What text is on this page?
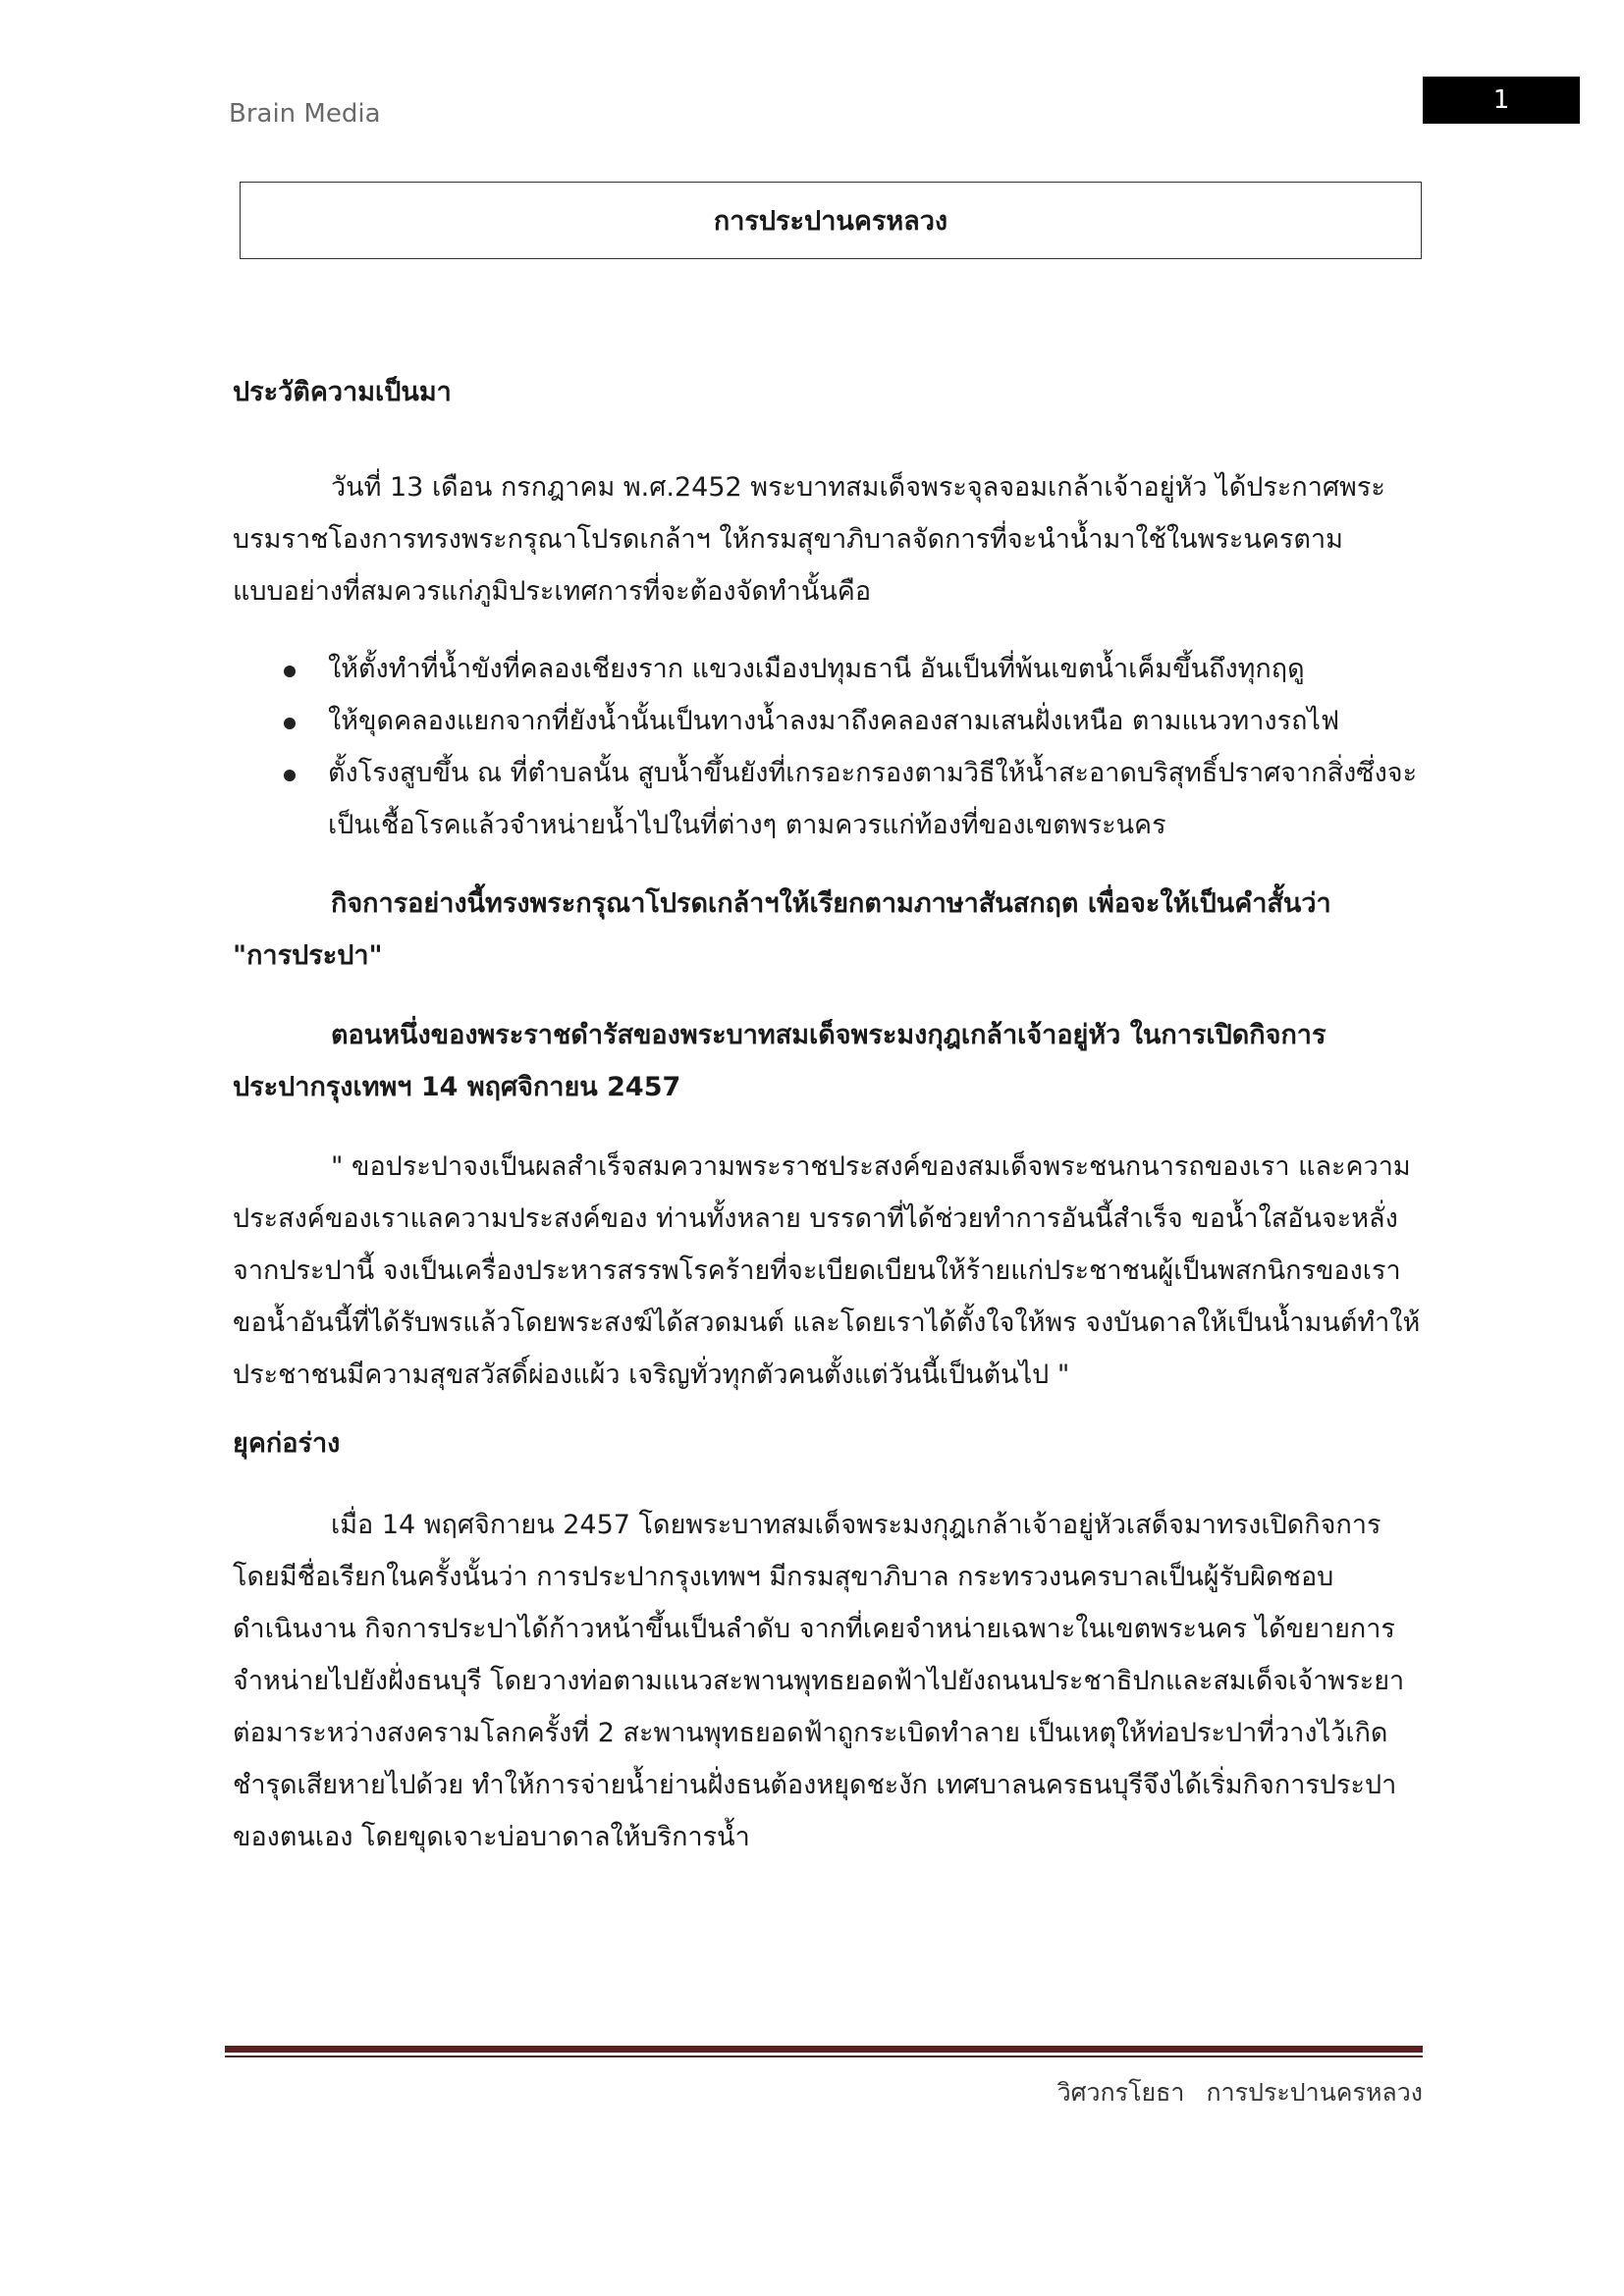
Brain Media	1
การประปานครหลวง

ประวัติความเป็นมา

วันที่ 13 เดือน กรกฎาคม พ.ศ.2452 พระบาทสมเด็จพระจุลจอมเกล้าเจ้าอยู่หัว ได้ประกาศพระ
บรมราชโองการทรงพระกรุณาโปรดเกล้าฯ ให้กรมสุขาภิบาลจัดการที่จะนำน้ำมาใช้ในพระนครตาม
แบบอย่างที่สมควรแก่ภูมิประเทศการที่จะต้องจัดทำนั้นคือ

ให้ตั้งทำที่น้ำขังที่คลองเชียงราก แขวงเมืองปทุมธานี อันเป็นที่พ้นเขตน้ำเค็มขึ้นถึงทุกฤดู
ให้ขุดคลองแยกจากที่ยังน้ำนั้นเป็นทางน้ำลงมาถึงคลองสามเสนฝั่งเหนือ ตามแนวทางรถไฟ
ตั้งโรงสูบขึ้น ณ ที่ตำบลนั้น สูบน้ำขึ้นยังที่เกรอะกรองตามวิธีให้น้ำสะอาดบริสุทธิ์ปราศจากสิ่งซึ่งจะ
เป็นเชื้อโรคแล้วจำหน่ายน้ำไปในที่ต่างๆ ตามควรแก่ท้องที่ของเขตพระนคร

กิจการอย่างนี้ทรงพระกรุณาโปรดเกล้าฯให้เรียกตามภาษาสันสกฤต เพื่อจะให้เป็นคำสั้นว่า
"การประปา"

ตอนหนึ่งของพระราชดำรัสของพระบาทสมเด็จพระมงกุฎเกล้าเจ้าอยู่หัว ในการเปิดกิจการ
ประปากรุงเทพฯ 14 พฤศจิกายน 2457

" ขอประปาจงเป็นผลสำเร็จสมความพระราชประสงค์ของสมเด็จพระชนกนารถของเรา และความ
ประสงค์ของเราแลความประสงค์ของ ท่านทั้งหลาย บรรดาที่ได้ช่วยทำการอันนี้สำเร็จ ขอน้ำใสอันจะหลั่ง
จากประปานี้ จงเป็นเครื่องประหารสรรพโรคร้ายที่จะเบียดเบียนให้ร้ายแก่ประชาชนผู้เป็นพสกนิกรของเรา
ขอน้ำอันนี้ที่ได้รับพรแล้วโดยพระสงฆ์ได้สวดมนต์ และโดยเราได้ตั้งใจให้พร จงบันดาลให้เป็นน้ำมนต์ทำให้
ประชาชนมีความสุขสวัสดิ์ผ่องแผ้ว เจริญทั่วทุกตัวคนตั้งแต่วันนี้เป็นต้นไป "

ยุคก่อร่าง

เมื่อ 14 พฤศจิกายน 2457 โดยพระบาทสมเด็จพระมงกุฎเกล้าเจ้าอยู่หัวเสด็จมาทรงเปิดกิจการ
โดยมีชื่อเรียกในครั้งนั้นว่า การประปากรุงเทพฯ มีกรมสุขาภิบาล กระทรวงนครบาลเป็นผู้รับผิดชอบ
ดำเนินงาน กิจการประปาได้ก้าวหน้าขึ้นเป็นลำดับ จากที่เคยจำหน่ายเฉพาะในเขตพระนคร ได้ขยายการ
จำหน่ายไปยังฝั่งธนบุรี โดยวางท่อตามแนวสะพานพุทธยอดฟ้าไปยังถนนประชาธิปกและสมเด็จเจ้าพระยา
ต่อมาระหว่างสงครามโลกครั้งที่ 2 สะพานพุทธยอดฟ้าถูกระเบิดทำลาย เป็นเหตุให้ท่อประปาที่วางไว้เกิด
ชำรุดเสียหายไปด้วย ทำให้การจ่ายน้ำย่านฝั่งธนต้องหยุดชะงัก เทศบาลนครธนบุรีจึงได้เริ่มกิจการประปา
ของตนเอง โดยขุดเจาะบ่อบาดาลให้บริการน้ำ

วิศวกรโยธา การประปานครหลวง
